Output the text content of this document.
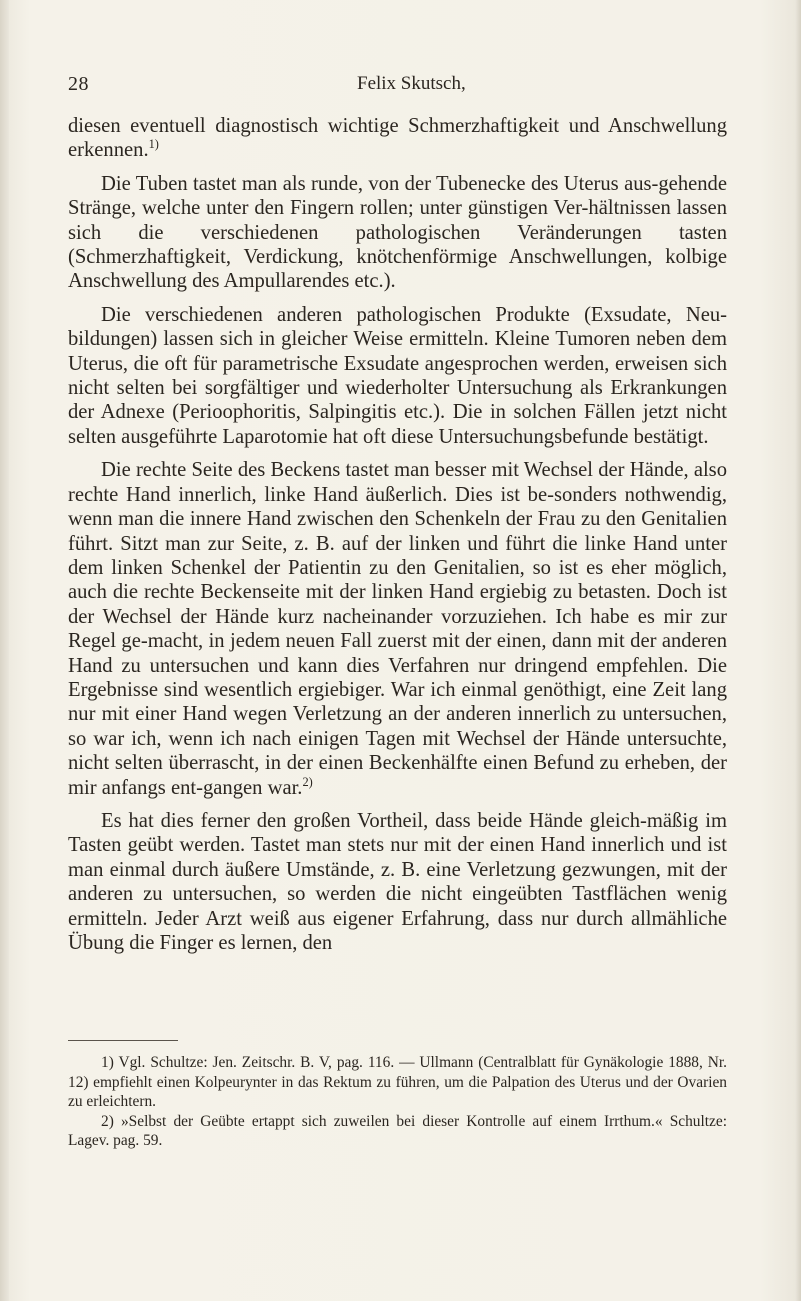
28	Felix Skutsch,

diesen eventuell diagnostisch wichtige Schmerzhaftigkeit und Anschwellung erkennen.$^{1)}$

Die Tuben tastet man als runde, von der Tubenecke des Uterus aus-gehende Stränge, welche unter den Fingern rollen; unter günstigen Ver-hältnissen lassen sich die verschiedenen pathologischen Veränderungen tasten (Schmerzhaftigkeit, Verdickung, knötchenförmige Anschwellungen, kolbige Anschwellung des Ampullarendes etc.).

Die verschiedenen anderen pathologischen Produkte (Exsudate, Neu-bildungen) lassen sich in gleicher Weise ermitteln. Kleine Tumoren neben dem Uterus, die oft für parametrische Exsudate angesprochen werden, erweisen sich nicht selten bei sorgfältiger und wiederholter Untersuchung als Erkrankungen der Adnexe (Perioophoritis, Salpingitis etc.). Die in solchen Fällen jetzt nicht selten ausgeführte Laparotomie hat oft diese Untersuchungsbefunde bestätigt.

Die rechte Seite des Beckens tastet man besser mit Wechsel der Hände, also rechte Hand innerlich, linke Hand äußerlich. Dies ist be-sonders nothwendig, wenn man die innere Hand zwischen den Schenkeln der Frau zu den Genitalien führt. Sitzt man zur Seite, z. B. auf der linken und führt die linke Hand unter dem linken Schenkel der Patientin zu den Genitalien, so ist es eher möglich, auch die rechte Beckenseite mit der linken Hand ergiebig zu betasten. Doch ist der Wechsel der Hände kurz nacheinander vorzuziehen. Ich habe es mir zur Regel ge-macht, in jedem neuen Fall zuerst mit der einen, dann mit der anderen Hand zu untersuchen und kann dies Verfahren nur dringend empfehlen. Die Ergebnisse sind wesentlich ergiebiger. War ich einmal genöthigt, eine Zeit lang nur mit einer Hand wegen Verletzung an der anderen innerlich zu untersuchen, so war ich, wenn ich nach einigen Tagen mit Wechsel der Hände untersuchte, nicht selten überrascht, in der einen Beckenhälfte einen Befund zu erheben, der mir anfangs ent-gangen war.$^{2)}$

Es hat dies ferner den großen Vortheil, dass beide Hände gleich-mäßig im Tasten geübt werden. Tastet man stets nur mit der einen Hand innerlich und ist man einmal durch äußere Umstände, z. B. eine Verletzung gezwungen, mit der anderen zu untersuchen, so werden die nicht eingeübten Tastflächen wenig ermitteln. Jeder Arzt weiß aus eigener Erfahrung, dass nur durch allmähliche Übung die Finger es lernen, den

1) Vgl. Schultze: Jen. Zeitschr. B. V, pag. 116. — Ullmann (Centralblatt für Gynäkologie 1888, Nr. 12) empfiehlt einen Kolpeurynter in das Rektum zu führen, um die Palpation des Uterus und der Ovarien zu erleichtern.

2) »Selbst der Geübte ertappt sich zuweilen bei dieser Kontrolle auf einem Irrthum.« Schultze: Lagev. pag. 59.
